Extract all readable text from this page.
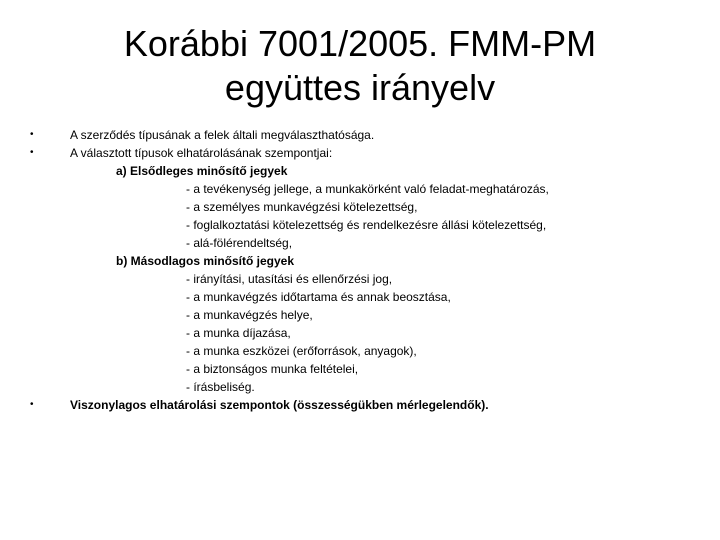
Korábbi 7001/2005. FMM-PM
együttes irányelv
•	A szerződés típusának a felek általi megválaszthatósága.
•	A választott típusok elhatárolásának szempontjai:
a) Elsődleges minősítő jegyek
- a tevékenység jellege, a munkakörként való feladat-meghatározás,
- a személyes munkavégzési kötelezettség,
- foglalkoztatási kötelezettség és rendelkezésre állási kötelezettség,
- alá-fölérendeltség,
b) Másodlagos minősítő jegyek
- irányítási, utasítási és ellenőrzési jog,
- a munkavégzés időtartama és annak beosztása,
- a munkavégzés helye,
- a munka díjazása,
- a munka eszközei (erőforrások, anyagok),
- a biztonságos munka feltételei,
- írásbeliség.
•	Viszonylagos elhatárolási szempontok (összességükben mérlegelendők).
